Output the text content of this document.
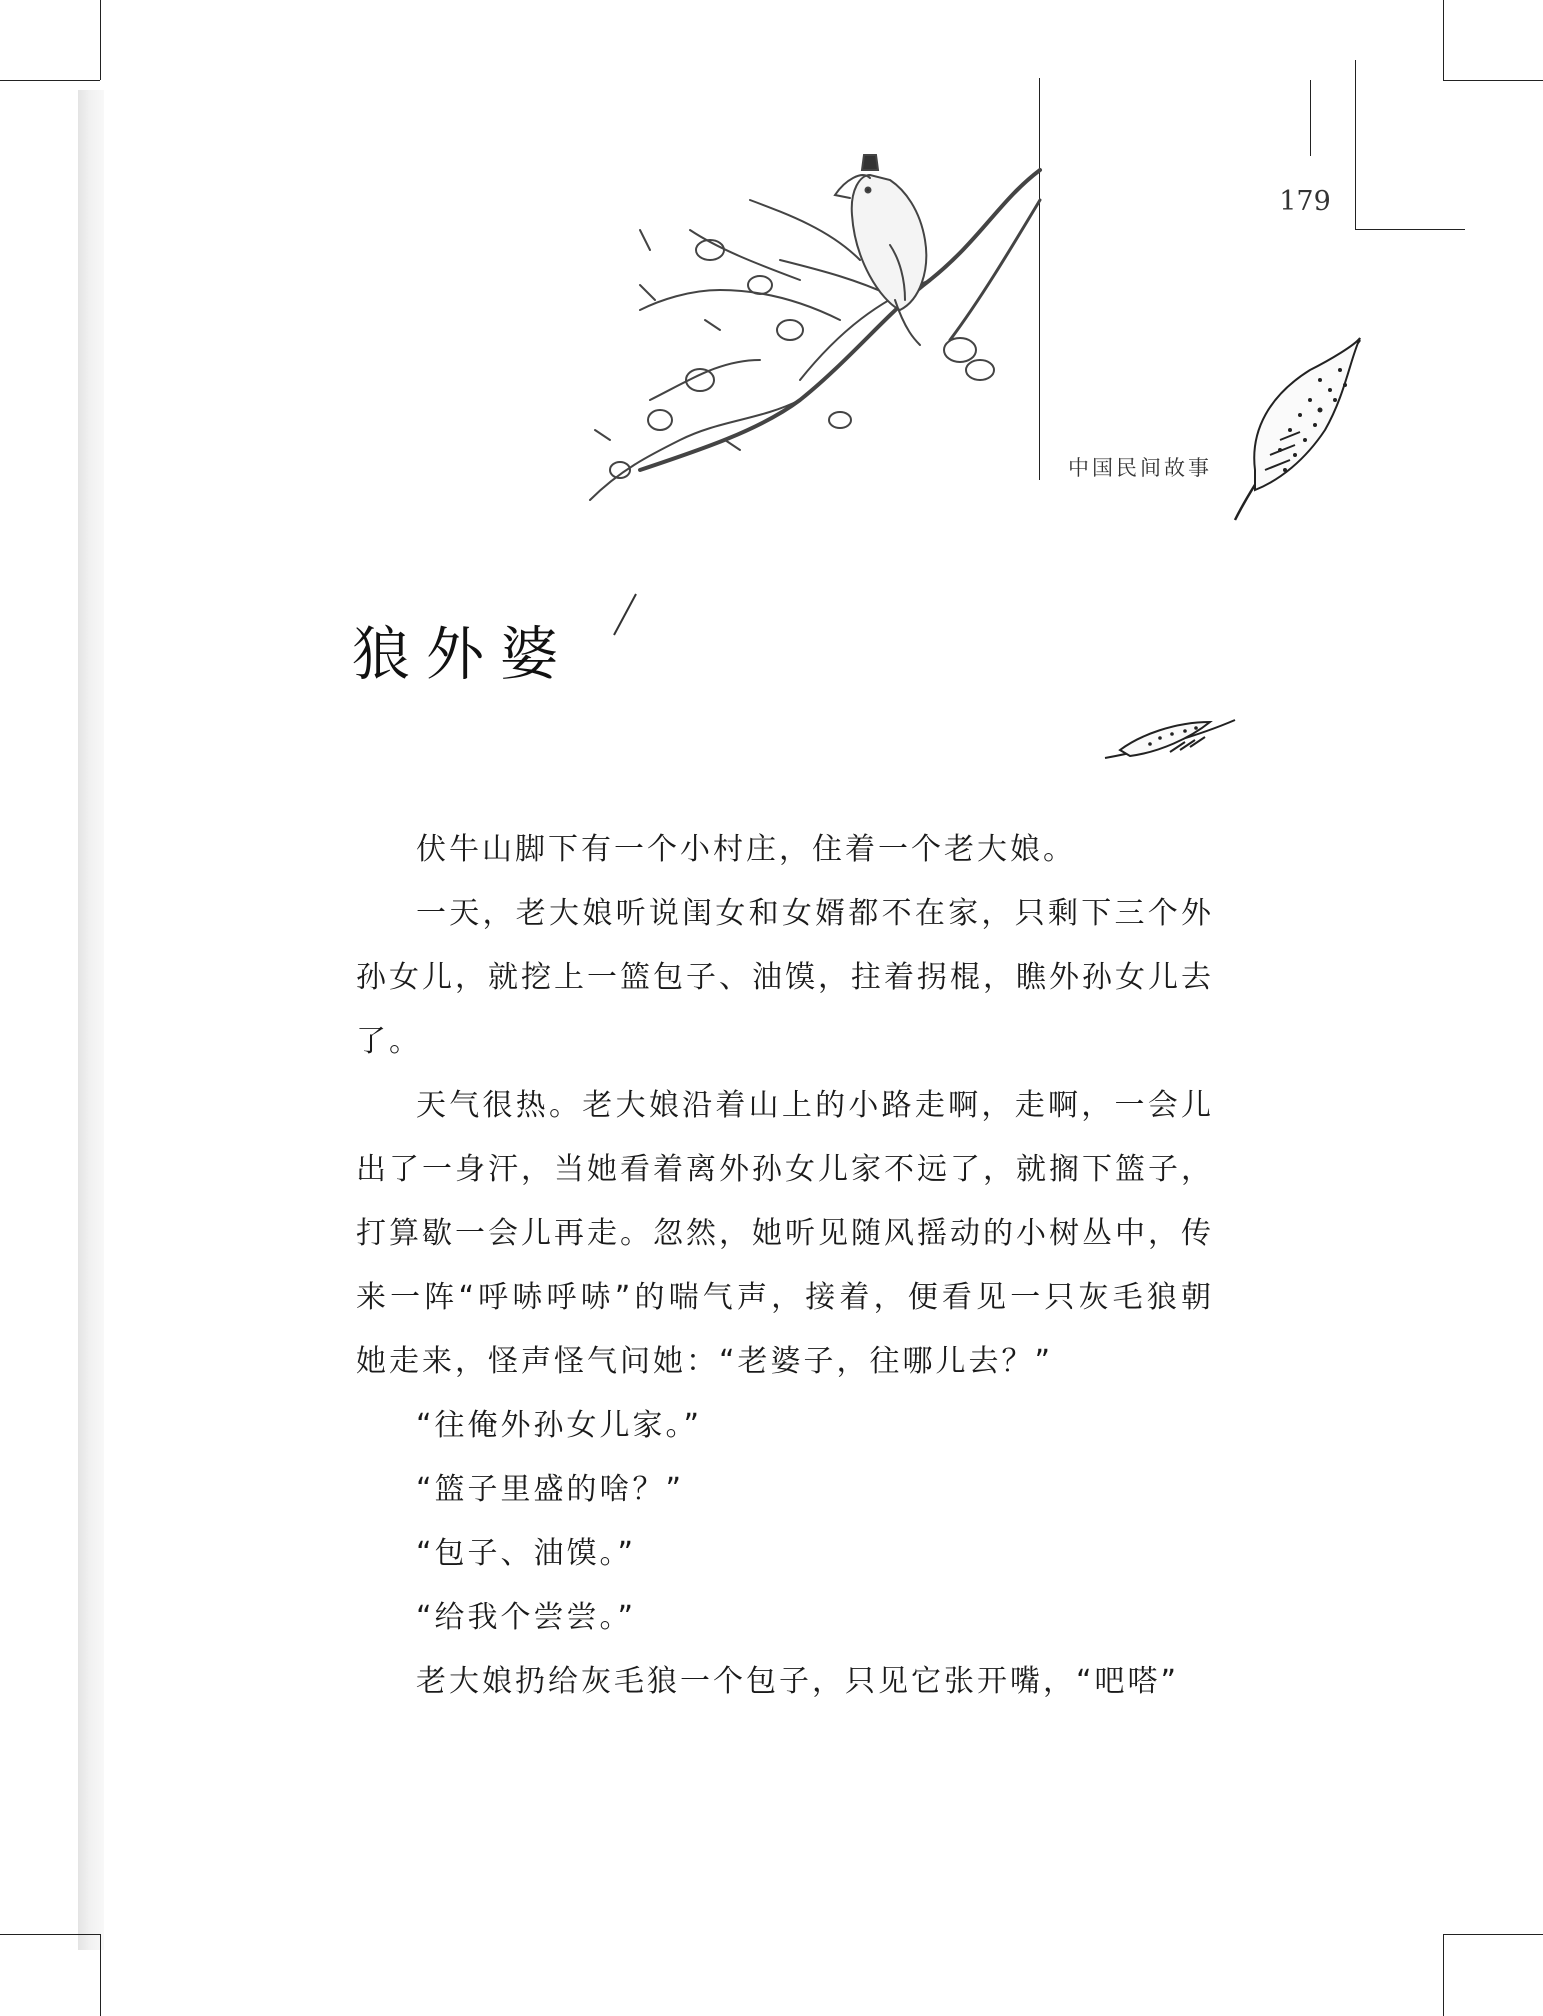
179
中国民间故事
狼外婆

伏牛山脚下有一个小村庄，住着一个老大娘。

一天，老大娘听说闺女和女婿都不在家，只剩下三个外孙女儿，就挖上一篮包子、油馍，拄着拐棍，瞧外孙女儿去了。

天气很热。老大娘沿着山上的小路走啊，走啊，一会儿出了一身汗，当她看着离外孙女儿家不远了，就搁下篮子，打算歇一会儿再走。忽然，她听见随风摇动的小树丛中，传来一阵“呼哧呼哧”的喘气声，接着，便看见一只灰毛狼朝她走来，怪声怪气问她：“老婆子，往哪儿去？”

“往俺外孙女儿家。”

“篮子里盛的啥？”

“包子、油馍。”

“给我个尝尝。”

老大娘扔给灰毛狼一个包子，只见它张开嘴，“吧嗒”
